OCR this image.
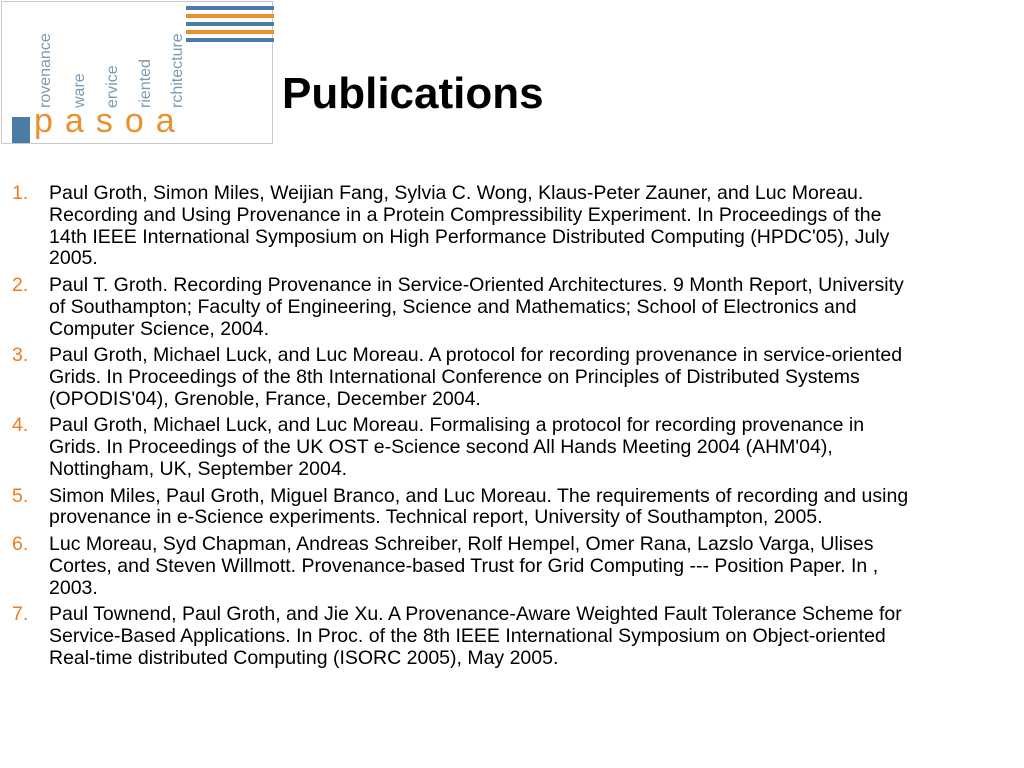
rovenance ware ervice riented rchitecture
pasoa
Publications
1. Paul Groth, Simon Miles, Weijian Fang, Sylvia C. Wong, Klaus-Peter Zauner, and Luc Moreau. Recording and Using Provenance in a Protein Compressibility Experiment. In Proceedings of the 14th IEEE International Symposium on High Performance Distributed Computing (HPDC'05), July 2005.
2. Paul T. Groth. Recording Provenance in Service-Oriented Architectures. 9 Month Report, University of Southampton; Faculty of Engineering, Science and Mathematics; School of Electronics and Computer Science, 2004.
3. Paul Groth, Michael Luck, and Luc Moreau. A protocol for recording provenance in service-oriented Grids. In Proceedings of the 8th International Conference on Principles of Distributed Systems (OPODIS'04), Grenoble, France, December 2004.
4. Paul Groth, Michael Luck, and Luc Moreau. Formalising a protocol for recording provenance in Grids. In Proceedings of the UK OST e-Science second All Hands Meeting 2004 (AHM'04), Nottingham, UK, September 2004.
5. Simon Miles, Paul Groth, Miguel Branco, and Luc Moreau. The requirements of recording and using provenance in e-Science experiments. Technical report, University of Southampton, 2005.
6. Luc Moreau, Syd Chapman, Andreas Schreiber, Rolf Hempel, Omer Rana, Lazslo Varga, Ulises Cortes, and Steven Willmott. Provenance-based Trust for Grid Computing --- Position Paper. In , 2003.
7. Paul Townend, Paul Groth, and Jie Xu. A Provenance-Aware Weighted Fault Tolerance Scheme for Service-Based Applications. In Proc. of the 8th IEEE International Symposium on Object-oriented Real-time distributed Computing (ISORC 2005), May 2005.
